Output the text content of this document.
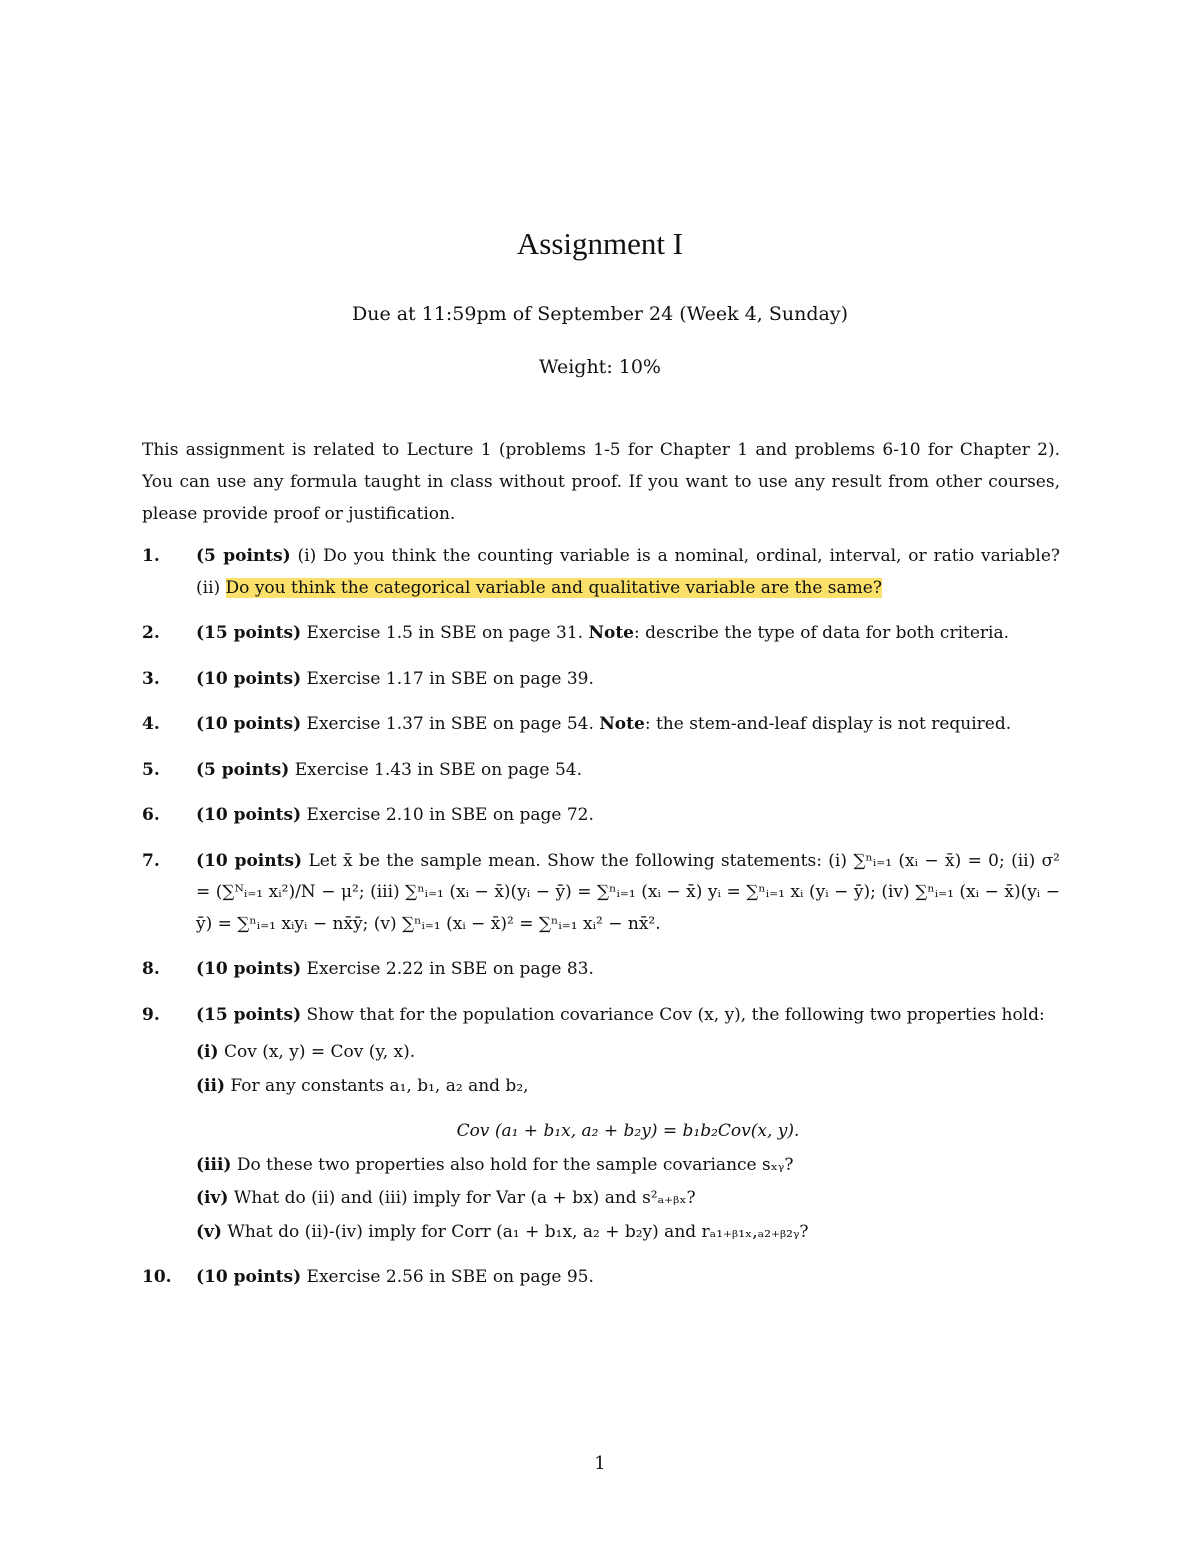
Assignment I
Due at 11:59pm of September 24 (Week 4, Sunday)
Weight: 10%
This assignment is related to Lecture 1 (problems 1-5 for Chapter 1 and problems 6-10 for Chapter 2). You can use any formula taught in class without proof. If you want to use any result from other courses, please provide proof or justification.
1. (5 points) (i) Do you think the counting variable is a nominal, ordinal, interval, or ratio variable? (ii) Do you think the categorical variable and qualitative variable are the same?
2. (15 points) Exercise 1.5 in SBE on page 31. Note: describe the type of data for both criteria.
3. (10 points) Exercise 1.17 in SBE on page 39.
4. (10 points) Exercise 1.37 in SBE on page 54. Note: the stem-and-leaf display is not required.
5. (5 points) Exercise 1.43 in SBE on page 54.
6. (10 points) Exercise 2.10 in SBE on page 72.
7. (10 points) Let x̄ be the sample mean. Show the following statements: (i) ∑ⁿᵢ₌₁ (xᵢ − x̄) = 0; (ii) σ² = (∑ᴺᵢ₌₁ xᵢ²)/N − μ²; (iii) ∑ⁿᵢ₌₁ (xᵢ − x̄)(yᵢ − ȳ) = ∑ⁿᵢ₌₁ (xᵢ − x̄) yᵢ = ∑ⁿᵢ₌₁ xᵢ (yᵢ − ȳ); (iv) ∑ⁿᵢ₌₁ (xᵢ − x̄)(yᵢ − ȳ) = ∑ⁿᵢ₌₁ xᵢyᵢ − nx̄ȳ; (v) ∑ⁿᵢ₌₁ (xᵢ − x̄)² = ∑ⁿᵢ₌₁ xᵢ² − nx̄².
8. (10 points) Exercise 2.22 in SBE on page 83.
9. (15 points) Show that for the population covariance Cov (x, y), the following two properties hold:
(i) Cov (x, y) = Cov (y, x).
(ii) For any constants a₁, b₁, a₂ and b₂,
Cov (a₁ + b₁x, a₂ + b₂y) = b₁b₂Cov(x, y).
(iii) Do these two properties also hold for the sample covariance sₓᵧ?
(iv) What do (ii) and (iii) imply for Var (a + bx) and s²ₐ₊ᵦₓ?
(v) What do (ii)-(iv) imply for Corr (a₁ + b₁x, a₂ + b₂y) and rₐ₁₊ᵦ₁ₓ,ₐ₂₊ᵦ₂ᵧ?
10. (10 points) Exercise 2.56 in SBE on page 95.
1
